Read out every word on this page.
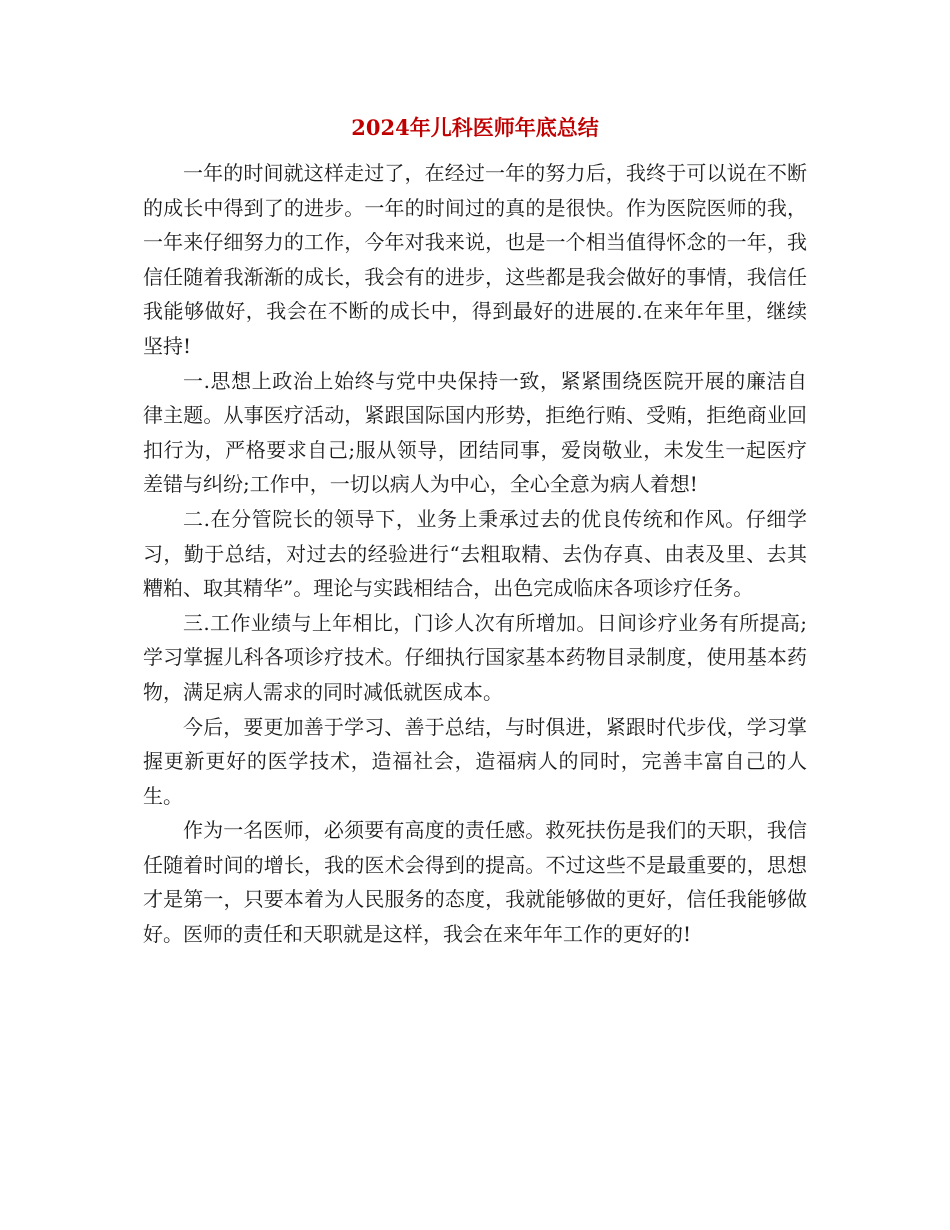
2024年儿科医师年底总结

一年的时间就这样走过了，在经过一年的努力后，我终于可以说在不断的成长中得到了的进步。一年的时间过的真的是很快。作为医院医师的我，一年来仔细努力的工作，今年对我来说，也是一个相当值得怀念的一年，我信任随着我渐渐的成长，我会有的进步，这些都是我会做好的事情，我信任我能够做好，我会在不断的成长中，得到最好的进展的.在来年年里，继续坚持!

一.思想上政治上始终与党中央保持一致，紧紧围绕医院开展的廉洁自律主题。从事医疗活动，紧跟国际国内形势，拒绝行贿、受贿，拒绝商业回扣行为，严格要求自己;服从领导，团结同事，爱岗敬业，未发生一起医疗差错与纠纷;工作中，一切以病人为中心，全心全意为病人着想!

二.在分管院长的领导下，业务上秉承过去的优良传统和作风。仔细学习，勤于总结，对过去的经验进行“去粗取精、去伪存真、由表及里、去其糟粕、取其精华”。理论与实践相结合，出色完成临床各项诊疗任务。

三.工作业绩与上年相比，门诊人次有所增加。日间诊疗业务有所提高;学习掌握儿科各项诊疗技术。仔细执行国家基本药物目录制度，使用基本药物，满足病人需求的同时减低就医成本。

今后，要更加善于学习、善于总结，与时俱进，紧跟时代步伐，学习掌握更新更好的医学技术，造福社会，造福病人的同时，完善丰富自己的人生。

作为一名医师，必须要有高度的责任感。救死扶伤是我们的天职，我信任随着时间的增长，我的医术会得到的提高。不过这些不是最重要的，思想才是第一，只要本着为人民服务的态度，我就能够做的更好，信任我能够做好。医师的责任和天职就是这样，我会在来年年工作的更好的!
